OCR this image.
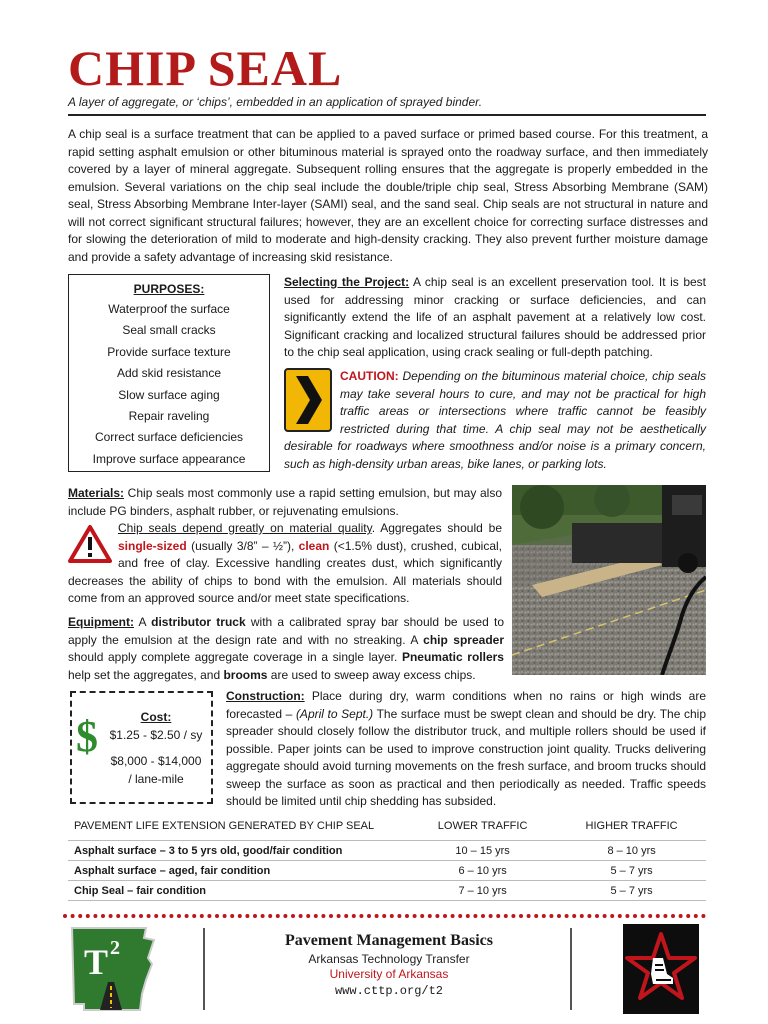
CHIP SEAL
A layer of aggregate, or ‘chips’, embedded in an application of sprayed binder.
A chip seal is a surface treatment that can be applied to a paved surface or primed based course. For this treatment, a rapid setting asphalt emulsion or other bituminous material is sprayed onto the roadway surface, and then immediately covered by a layer of mineral aggregate. Subsequent rolling ensures that the aggregate is properly embedded in the emulsion. Several variations on the chip seal include the double/triple chip seal, Stress Absorbing Membrane (SAM) seal, Stress Absorbing Membrane Inter-layer (SAMI) seal, and the sand seal. Chip seals are not structural in nature and will not correct significant structural failures; however, they are an excellent choice for correcting surface distresses and for slowing the deterioration of mild to moderate and high-density cracking. They also prevent further moisture damage and provide a safety advantage of increasing skid resistance.
PURPOSES:
Waterproof the surface
Seal small cracks
Provide surface texture
Add skid resistance
Slow surface aging
Repair raveling
Correct surface deficiencies
Improve surface appearance
Selecting the Project: A chip seal is an excellent preservation tool. It is best used for addressing minor cracking or surface deficiencies, and can significantly extend the life of an asphalt pavement at a relatively low cost. Significant cracking and localized structural failures should be addressed prior to the chip seal application, using crack sealing or full-depth patching.
CAUTION: Depending on the bituminous material choice, chip seals may take several hours to cure, and may not be practical for high traffic areas or intersections where traffic cannot be feasibly restricted during that time. A chip seal may not be aesthetically desirable for roadways where smoothness and/or noise is a primary concern, such as high-density urban areas, bike lanes, or parking lots.
Materials: Chip seals most commonly use a rapid setting emulsion, but may also include PG binders, asphalt rubber, or rejuvenating emulsions.

Chip seals depend greatly on material quality. Aggregates should be single-sized (usually 3/8” – ½”), clean (<1.5% dust), crushed, cubical, and free of clay. Excessive handling creates dust, which significantly decreases the ability of chips to bond with the emulsion. All materials should come from an approved source and/or meet state specifications.
Equipment: A distributor truck with a calibrated spray bar should be used to apply the emulsion at the design rate and with no streaking. A chip spreader should apply complete aggregate coverage in a single layer. Pneumatic rollers help set the aggregates, and brooms are used to sweep away excess chips.
$	Cost:
$1.25 - $2.50 / sy
$8,000 - $14,000
/ lane-mile
Construction: Place during dry, warm conditions when no rains or high winds are forecasted – (April to Sept.) The surface must be swept clean and should be dry. The chip spreader should closely follow the distributor truck, and multiple rollers should be used if possible. Paper joints can be used to improve construction joint quality. Trucks delivering aggregate should avoid turning movements on the fresh surface, and broom trucks should sweep the surface as soon as practical and then periodically as needed. Traffic speeds should be limited until chip shedding has subsided.
PAVEMENT LIFE EXTENSION GENERATED BY CHIP SEAL	LOWER TRAFFIC	HIGHER TRAFFIC
Asphalt surface – 3 to 5 yrs old, good/fair condition	10 – 15 yrs	8 – 10 yrs
Asphalt surface – aged, fair condition	6 – 10 yrs	5 – 7 yrs
Chip Seal – fair condition	7 – 10 yrs	5 – 7 yrs
T 2	Pavement Management Basics
Arkansas Technology Transfer
University of Arkansas
www.cttp.org/t2
